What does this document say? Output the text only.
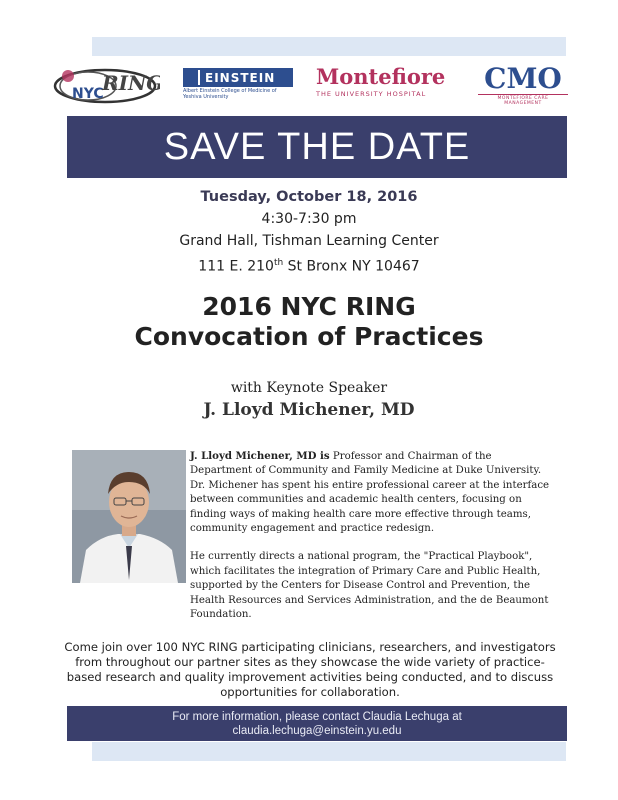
NYC
RING	EINSTEIN
Albert Einstein College of Medicine of Yeshiva University
Montefiore
THE UNIVERSITY HOSPITAL	CMO
MONTEFIORE CARE MANAGEMENT
SAVE THE DATE
Tuesday, October 18, 2016
4:30-7:30 pm
Grand Hall, Tishman Learning Center
111 E. 210th St Bronx NY 10467
2016 NYC RING
Convocation of Practices
with Keynote Speaker
J. Lloyd Michener, MD

J. Lloyd Michener, MD is Professor and Chairman of the Department of Community and Family Medicine at Duke University. Dr. Michener has spent his entire professional career at the interface between communities and academic health centers, focusing on finding ways of making health care more effective through teams, community engagement and practice redesign.

He currently directs a national program, the "Practical Playbook", which facilitates the integration of Primary Care and Public Health, supported by the Centers for Disease Control and Prevention, the Health Resources and Services Administration, and the de Beaumont Foundation.

Come join over 100 NYC RING participating clinicians, researchers, and investigators from throughout our partner sites as they showcase the wide variety of practice-based research and quality improvement activities being conducted, and to discuss opportunities for collaboration.
For more information, please contact Claudia Lechuga at
claudia.lechuga@einstein.yu.edu
